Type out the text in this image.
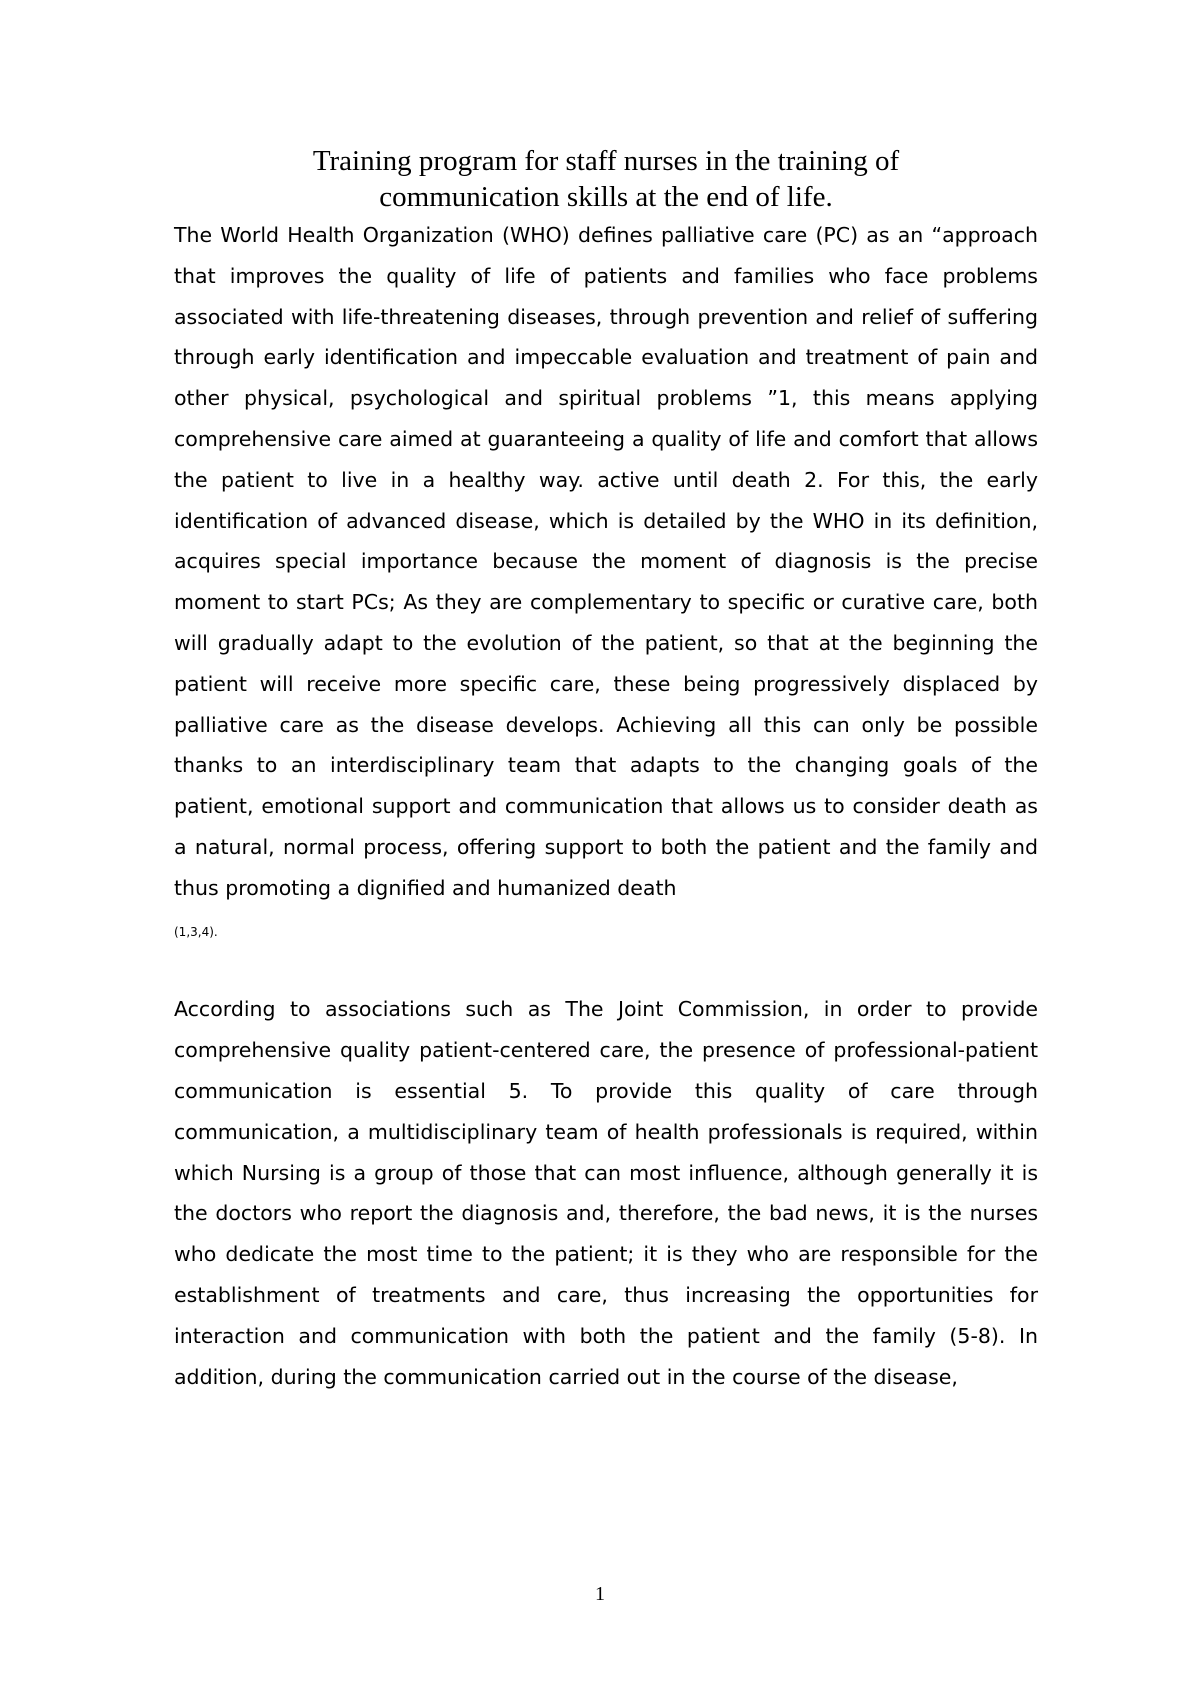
Training program for staff nurses in the training of
communication skills at the end of life.

The World Health Organization (WHO) defines palliative care (PC) as an “approach that improves the quality of life of patients and families who face problems associated with life-threatening diseases, through prevention and relief of suffering through early identification and impeccable evaluation and treatment of pain and other physical, psychological and spiritual problems ”1, this means applying comprehensive care aimed at guaranteeing a quality of life and comfort that allows the patient to live in a healthy way. active until death 2. For this, the early identification of advanced disease, which is detailed by the WHO in its definition, acquires special importance because the moment of diagnosis is the precise moment to start PCs; As they are complementary to specific or curative care, both will gradually adapt to the evolution of the patient, so that at the beginning the patient will receive more specific care, these being progressively displaced by palliative care as the disease develops. Achieving all this can only be possible thanks to an interdisciplinary team that adapts to the changing goals of the patient, emotional support and communication that allows us to consider death as a natural, normal process, offering support to both the patient and the family and thus promoting a dignified and humanized death

(1,3,4).

According to associations such as The Joint Commission, in order to provide comprehensive quality patient-centered care, the presence of professional-patient communication is essential 5. To provide this quality of care through communication, a multidisciplinary team of health professionals is required, within which Nursing is a group of those that can most influence, although generally it is the doctors who report the diagnosis and, therefore, the bad news, it is the nurses who dedicate the most time to the patient; it is they who are responsible for the establishment of treatments and care, thus increasing the opportunities for interaction and communication with both the patient and the family (5-8). In addition, during the communication carried out in the course of the disease,

1
